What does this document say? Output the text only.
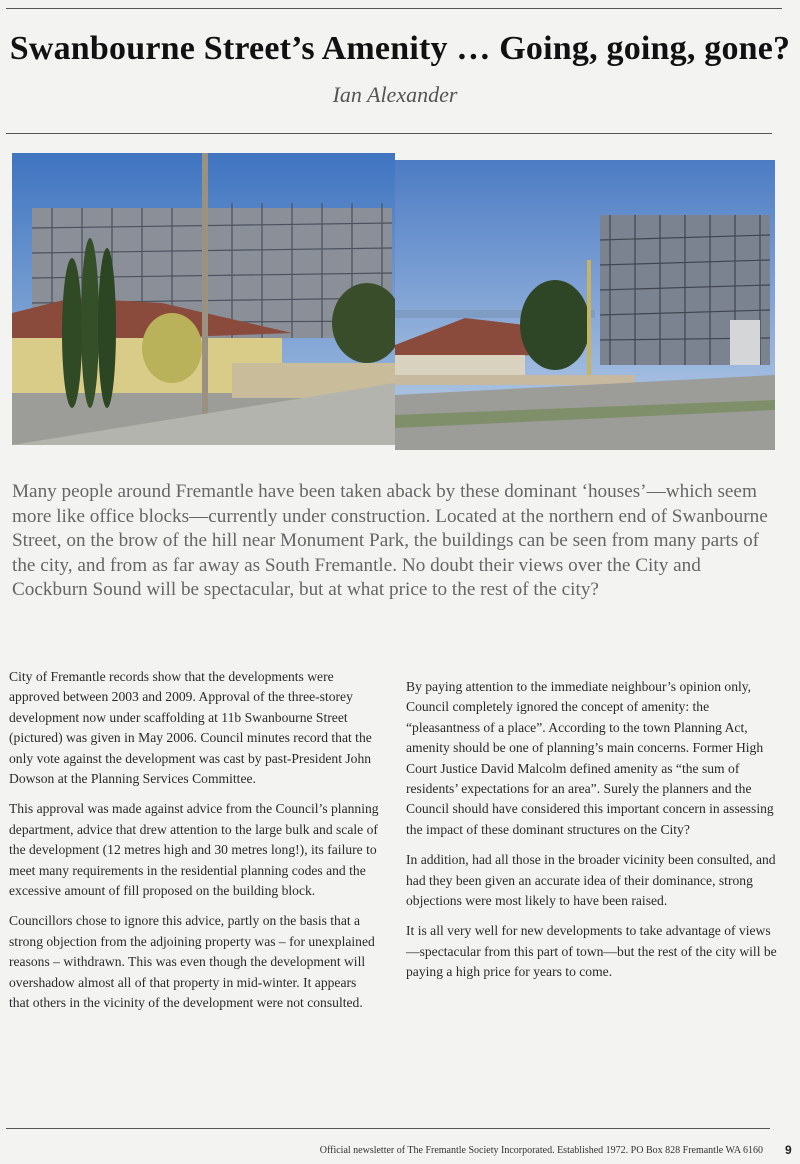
Swanbourne Street’s Amenity … Going, going, gone?
Ian Alexander

Many people around Fremantle have been taken aback by these dominant ‘houses’—which seem more like office blocks—currently under construction. Located at the northern end of Swanbourne Street, on the brow of the hill near Monument Park, the buildings can be seen from many parts of the city, and from as far away as South Fremantle. No doubt their views over the City and Cockburn Sound will be spectacular, but at what price to the rest of the city?

City of Fremantle records show that the developments were approved between 2003 and 2009. Approval of the three-storey development now under scaffolding at 11b Swanbourne Street (pictured) was given in May 2006. Council minutes record that the only vote against the development was cast by past-President John Dowson at the Planning Services Committee.

This approval was made against advice from the Council’s planning department, advice that drew attention to the large bulk and scale of the development (12 metres high and 30 metres long!), its failure to meet many requirements in the residential planning codes and the excessive amount of fill proposed on the building block.

Councillors chose to ignore this advice, partly on the basis that a strong objection from the adjoining property was – for unexplained reasons – withdrawn. This was even though the development will overshadow almost all of that property in mid-winter. It appears that others in the vicinity of the development were not consulted.

By paying attention to the immediate neighbour’s opinion only, Council completely ignored the concept of amenity: the “pleasantness of a place”. According to the town Planning Act, amenity should be one of planning’s main concerns. Former High Court Justice David Malcolm defined amenity as “the sum of residents’ expectations for an area”. Surely the planners and the Council should have considered this important concern in assessing the impact of these dominant structures on the City?

In addition, had all those in the broader vicinity been consulted, and had they been given an accurate idea of their dominance, strong objections were most likely to have been raised.

It is all very well for new developments to take advantage of views—spectacular from this part of town—but the rest of the city will be paying a high price for years to come.

Official newsletter of The Fremantle Society Incorporated. Established 1972. PO Box 828 Fremantle WA 6160 9
